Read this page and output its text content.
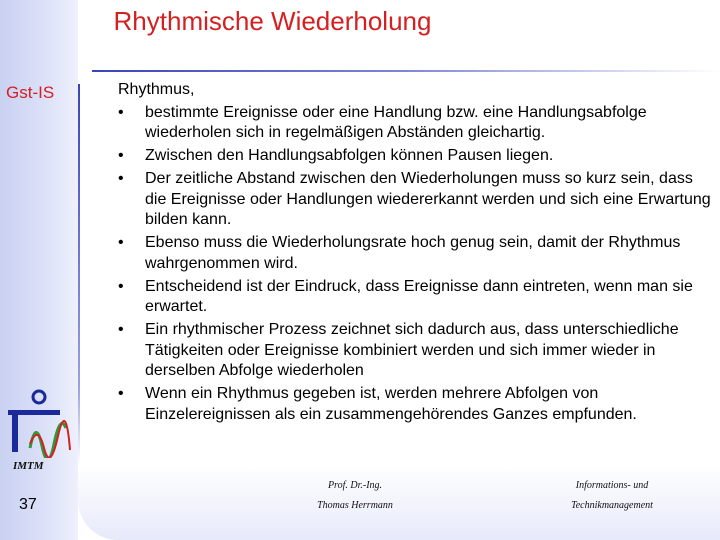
Rhythmische Wiederholung
Gst-IS	Rhythmus,
•	bestimmte Ereignisse oder eine Handlung bzw. eine Handlungsabfolge wiederholen sich in regelmäßigen Abständen gleichartig.
•	Zwischen den Handlungsabfolgen können Pausen liegen.
•	Der zeitliche Abstand zwischen den Wiederholungen muss so kurz sein, dass die Ereignisse oder Handlungen wiedererkannt werden und sich eine Erwartung bilden kann.
•	Ebenso muss die Wiederholungsrate hoch genug sein, damit der Rhythmus wahrgenommen wird.
•	Entscheidend ist der Eindruck, dass Ereignisse dann eintreten, wenn man sie erwartet.
•	Ein rhythmischer Prozess zeichnet sich dadurch aus, dass unterschiedliche Tätigkeiten oder Ereignisse kombiniert werden und sich immer wieder in derselben Abfolge wiederholen
•	Wenn ein Rhythmus gegeben ist, werden mehrere Abfolgen von Einzelereignissen als ein zusammengehörendes Ganzes empfunden.
IMTM
37
Prof. Dr.-Ing.
Thomas Herrmann
Informations- und
Technikmanagement
